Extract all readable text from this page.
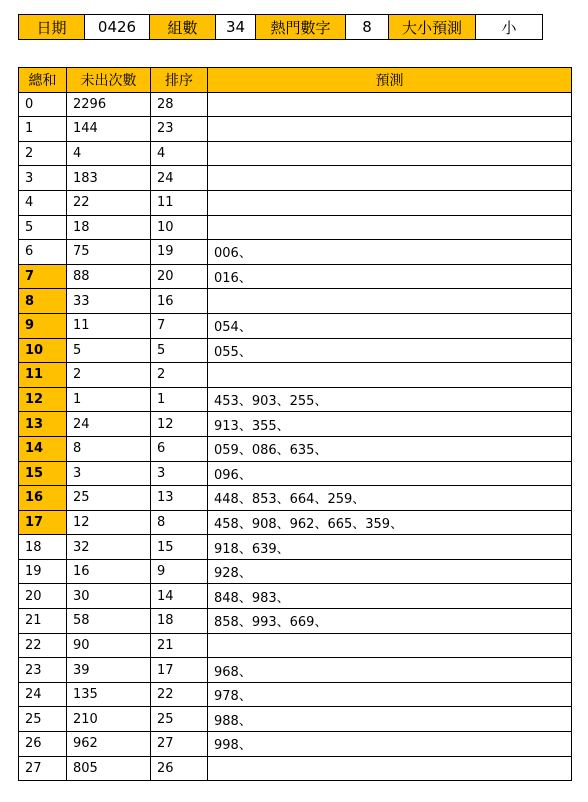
日期	0426	組數	34	熱門數字	8	大小預測	小
總和	未出次數	排序	預測
0	2296	28	
1	144	23	
2	4	4	
3	183	24	
4	22	11	
5	18	10	
6	75	19	006、
7	88	20	016、
8	33	16	
9	11	7	054、
10	5	5	055、
11	2	2	
12	1	1	453、903、255、
13	24	12	913、355、
14	8	6	059、086、635、
15	3	3	096、
16	25	13	448、853、664、259、
17	12	8	458、908、962、665、359、
18	32	15	918、639、
19	16	9	928、
20	30	14	848、983、
21	58	18	858、993、669、
22	90	21	
23	39	17	968、
24	135	22	978、
25	210	25	988、
26	962	27	998、
27	805	26	
